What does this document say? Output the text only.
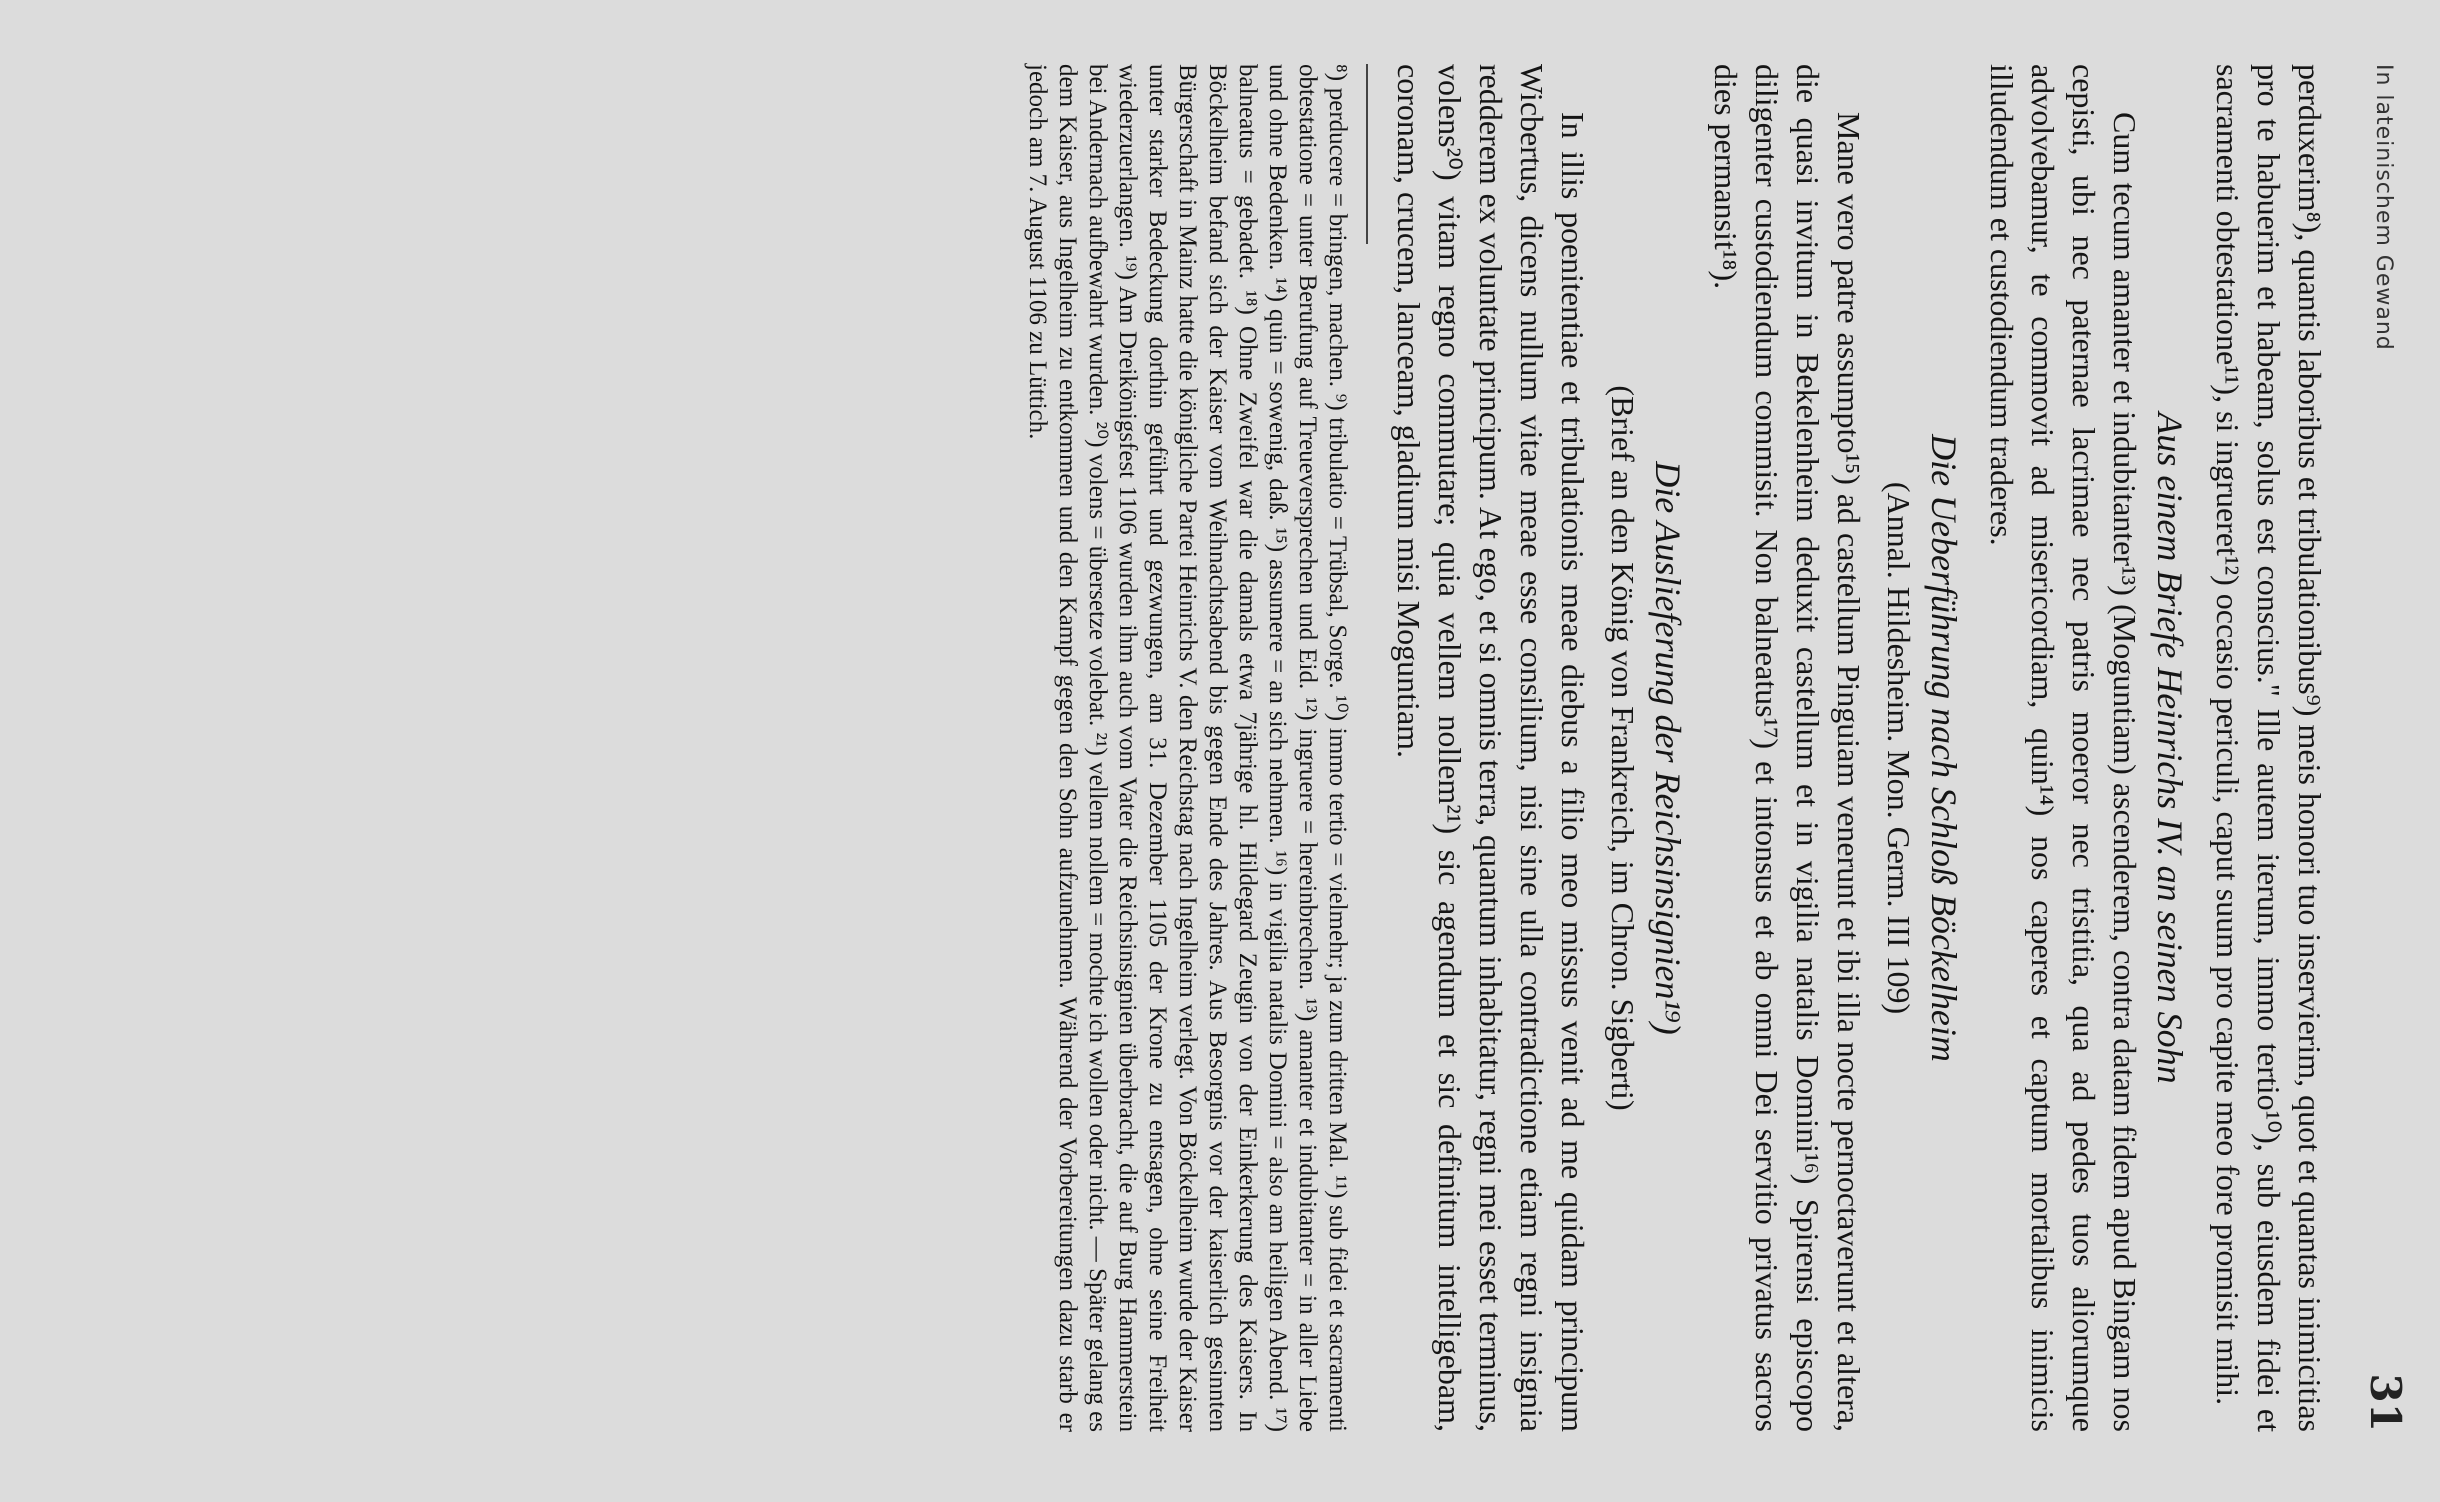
In lateinischem Gewand
31

perduxerim⁸), quantis laboribus et tribulationibus⁹) meis honori tuo inservierim, quot et quantas inimicitias pro te habuerim et habeam, solus est conscius." Ille autem iterum, immo tertio¹⁰), sub eiusdem fidei et sacramenti obtestatione¹¹), si ingrueret¹²) occasio periculi, caput suum pro capite meo fore promisit mihi.

Aus einem Briefe Heinrichs IV. an seinen Sohn

Cum tecum amanter et indubitanter¹³) (Moguntiam) ascenderem, contra datam fidem apud Bingam nos cepisti, ubi nec paternae lacrimae nec patris moeror nec tristitia, qua ad pedes tuos aliorumque advolvebamur, te commovit ad misericordiam, quin¹⁴) nos caperes et captum mortalibus inimicis illudendum et custodiendum traderes.

Die Ueberführung nach Schloß Böckelheim
(Annal. Hildesheim. Mon. Germ. III 109)

Mane vero patre assumpto¹⁵) ad castellum Pinguiam venerunt et ibi illa nocte pernoctaverunt et altera, die quasi invitum in Bekelenheim deduxit castellum et in vigilia natalis Domini¹⁶) Spirensi episcopo diligenter custodiendum commisit. Non balneatus¹⁷) et intonsus et ab omni Dei servitio privatus sacros dies permansit¹⁸).

Die Auslieferung der Reichsinsignien¹⁹)
(Brief an den König von Frankreich, im Chron. Sigberti)

In illis poenitentiae et tribulationis meae diebus a filio meo missus venit ad me quidam principum Wicbertus, dicens nullum vitae meae esse consilium, nisi sine ulla contradictione etiam regni insignia redderem ex voluntate principum. At ego, et si omnis terra, quantum inhabitatur, regni mei esset terminus, volens²⁰) vitam regno commutare; quia vellem nollem²¹) sic agendum et sic definitum intelligebam, coronam, crucem, lanceam, gladium misi Moguntiam.

⁸) perducere = bringen, machen. ⁹) tribulatio = Trübsal, Sorge. ¹⁰) immo tertio = vielmehr; ja zum dritten Mal. ¹¹) sub fidei et sacramenti obtestatione = unter Berufung auf Treueversprechen und Eid. ¹²) ingruere = hereinbrechen. ¹³) amanter et indubitanter = in aller Liebe und ohne Bedenken. ¹⁴) quin = sowenig, daß. ¹⁵) assumere = an sich nehmen. ¹⁶) in vigilia natalis Domini = also am heiligen Abend. ¹⁷) balneatus = gebadet. ¹⁸) Ohne Zweifel war die damals etwa 7jährige hl. Hildegard Zeugin von der Einkerkerung des Kaisers. In Böckelheim befand sich der Kaiser vom Weihnachtsabend bis gegen Ende des Jahres. Aus Besorgnis vor der kaiserlich gesinnten Bürgerschaft in Mainz hatte die königliche Partei Heinrichs V. den Reichstag nach Ingelheim verlegt. Von Böckelheim wurde der Kaiser unter starker Bedeckung dorthin geführt und gezwungen, am 31. Dezember 1105 der Krone zu entsagen, ohne seine Freiheit wiederzuerlangen. ¹⁹) Am Dreikönigsfest 1106 wurden ihm auch vom Vater die Reichsinsignien überbracht, die auf Burg Hammerstein bei Andernach aufbewahrt wurden. ²⁰) volens = übersetze volebat. ²¹) vellem nollem = mochte ich wollen oder nicht. — Später gelang es dem Kaiser, aus Ingelheim zu entkommen und den Kampf gegen den Sohn aufzunehmen. Während der Vorbereitungen dazu starb er jedoch am 7. August 1106 zu Lüttich.
